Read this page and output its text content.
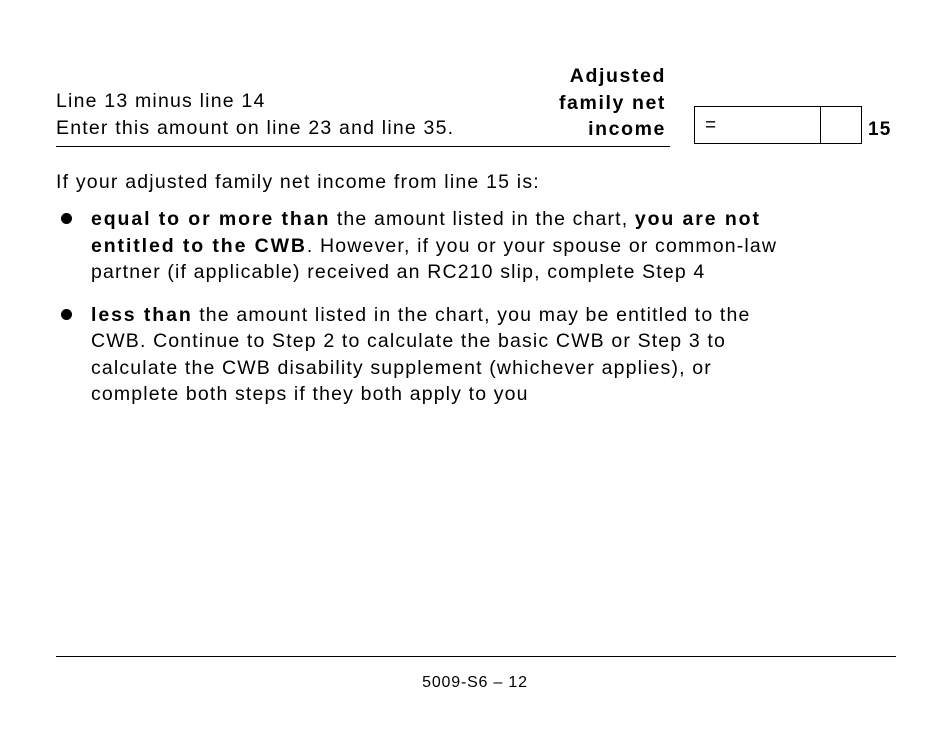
Line 13 minus line 14
Enter this amount on line 23 and line 35.
Adjusted
family net
income =	15
If your adjusted family net income from line 15 is:
equal to or more than the amount listed in the chart, you are not
entitled to the CWB. However, if you or your spouse or common-law
partner (if applicable) received an RC210 slip, complete Step 4
less than the amount listed in the chart, you may be entitled to the
CWB. Continue to Step 2 to calculate the basic CWB or Step 3 to
calculate the CWB disability supplement (whichever applies), or
complete both steps if they both apply to you
5009-S6 – 12
